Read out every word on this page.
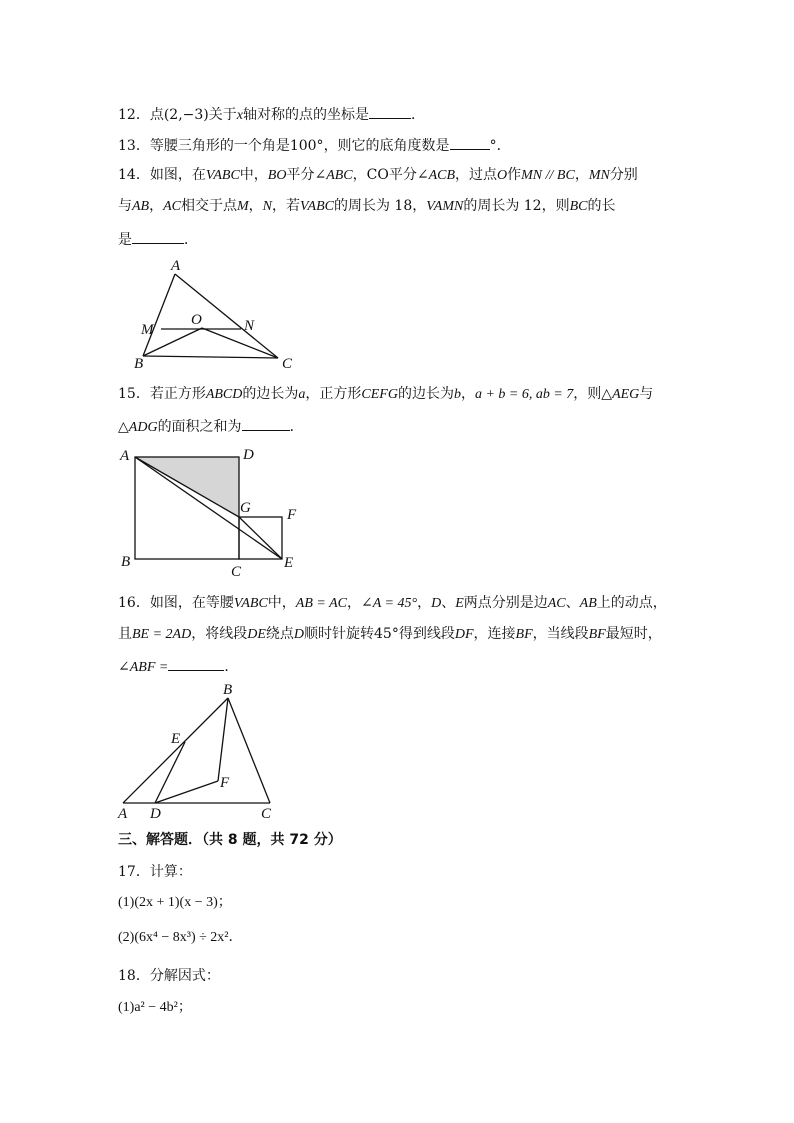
12．点(2,−3)关于x轴对称的点的坐标是	．
13．等腰三角形的一个角是100°，则它的底角度数是	°．
14．如图，在VABC中，BO平分∠ABC，CO平分∠ACB，过点O作MN // BC，MN分别
与AB，AC相交于点M，N，若VABC的周长为 18，VAMN的周长为 12，则BC的长
是	．
A
M
O	N
B	C
15．若正方形ABCD的边长为a，正方形CEFG的边长为b，a + b = 6, ab = 7，则△AEG与
△ADG的面积之和为	．
A	D
G F
B
C
E
16．如图，在等腰VABC中，AB = AC，∠A = 45°，D、E两点分别是边AC、AB上的动点，
且BE = 2AD，将线段DE绕点D顺时针旋转45°得到线段DF，连接BF，当线段BF最短时，
∠ABF =	．
B
E
F
A D	C
三、解答题．（共 8 题，共 72 分）
17．计算：
(1)(2x + 1)(x − 3)；
(2)(6x⁴ − 8x³) ÷ 2x²．
18．分解因式：
(1)a² − 4b²；
